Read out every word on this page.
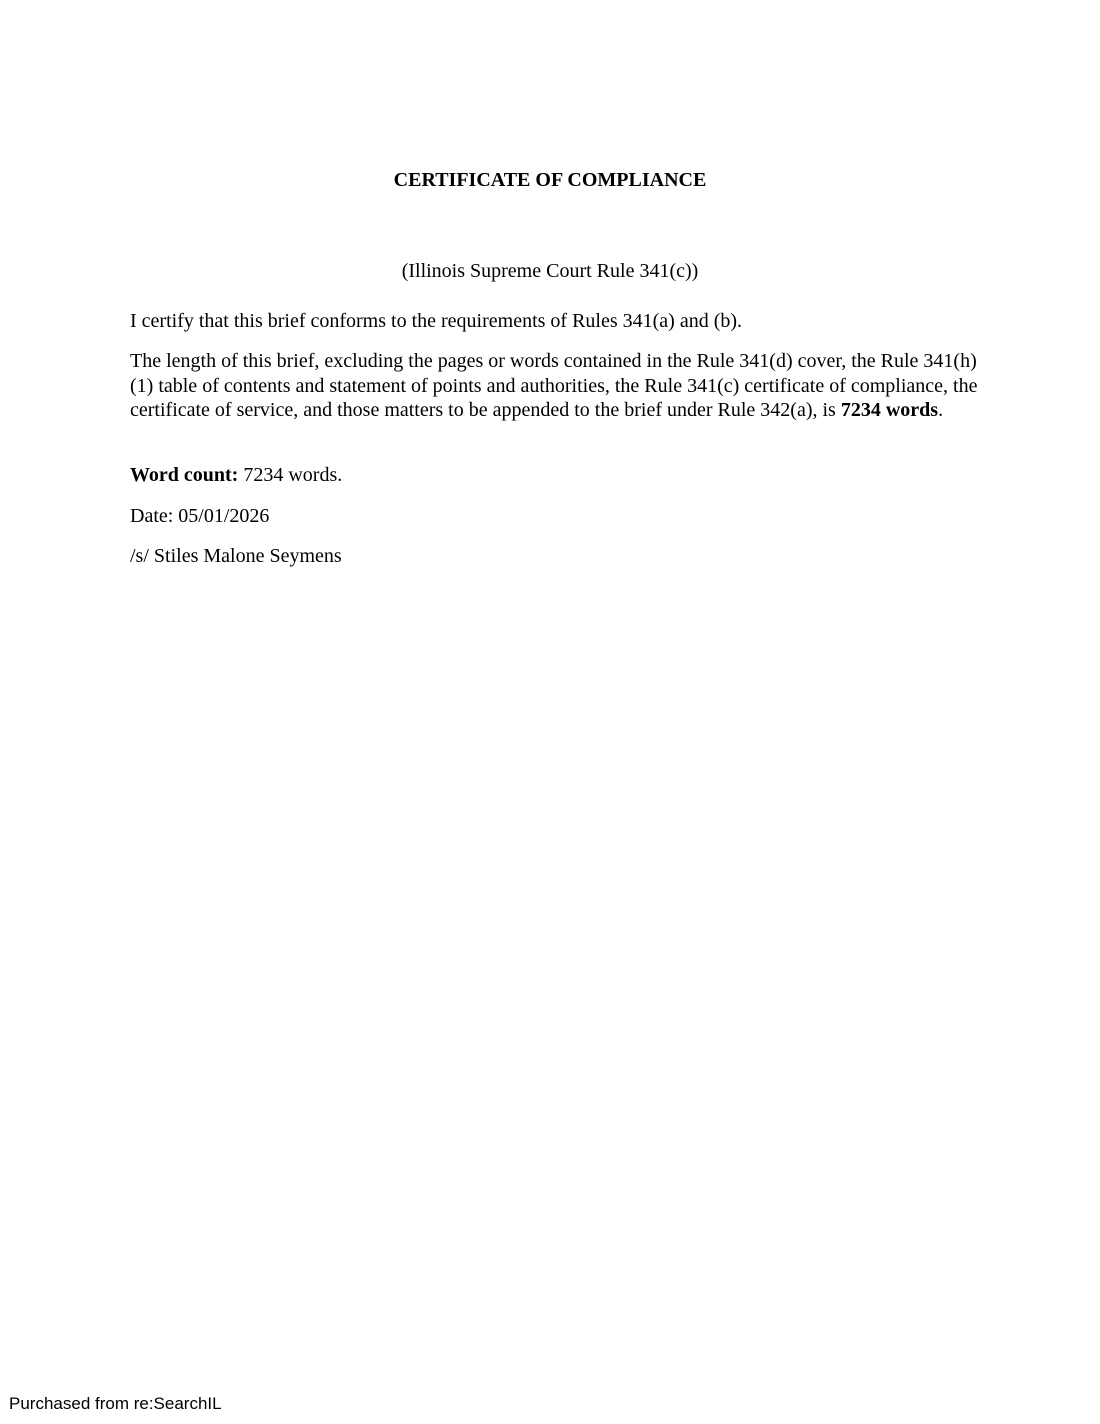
CERTIFICATE OF COMPLIANCE

(Illinois Supreme Court Rule 341(c))

I certify that this brief conforms to the requirements of Rules 341(a) and (b).

The length of this brief, excluding the pages or words contained in the Rule 341(d) cover, the Rule 341(h)(1) table of contents and statement of points and authorities, the Rule 341(c) certificate of compliance, the certificate of service, and those matters to be appended to the brief under Rule 342(a), is 7234 words.

Word count: 7234 words.

Date: 05/01/2026

/s/ Stiles Malone Seymens

Purchased from re:SearchIL
